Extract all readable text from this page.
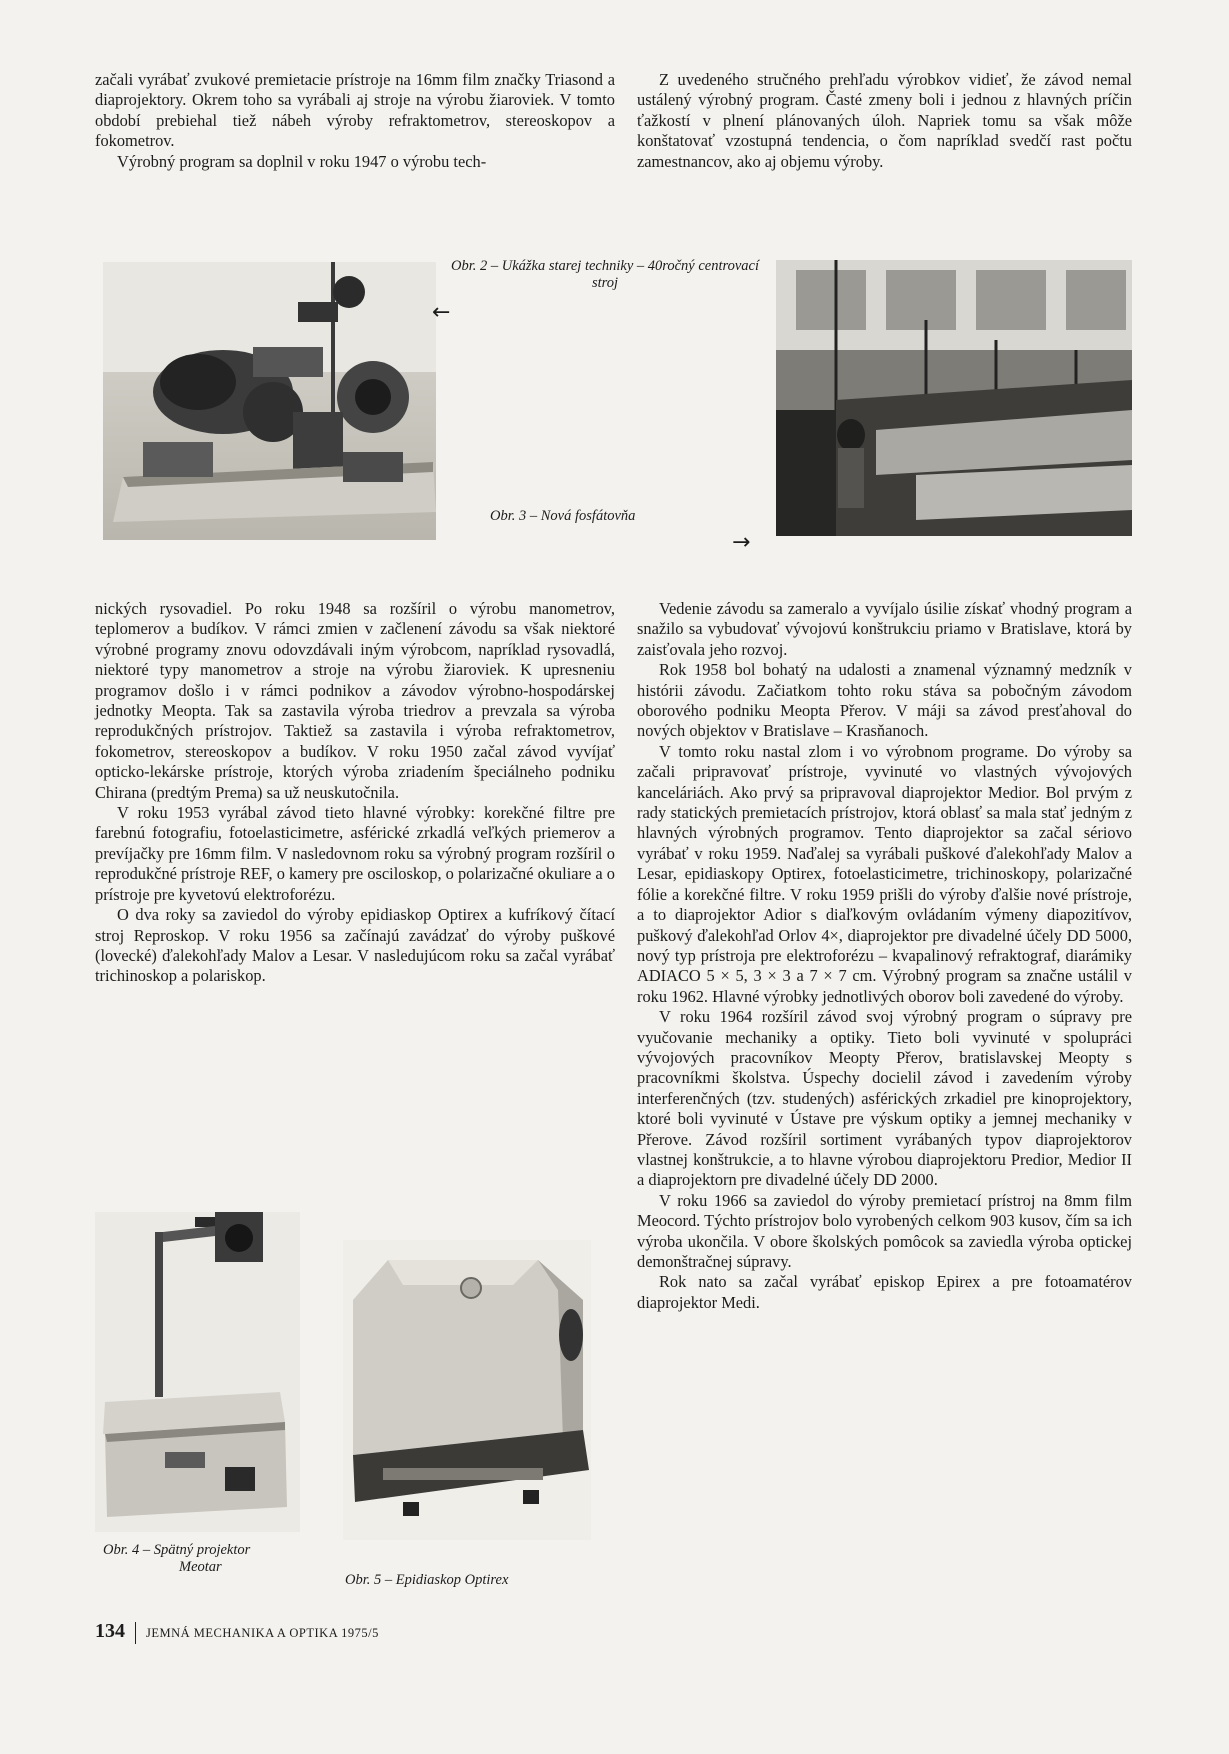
začali vyrábať zvukové premietacie prístroje na 16mm film značky Triasond a diaprojektory. Okrem toho sa vyrábali aj stroje na výrobu žiaroviek. V tomto období prebiehal tiež nábeh výroby refraktometrov, stereoskopov a fokometrov.

Výrobný program sa doplnil v roku 1947 o výrobu tech-

Z uvedeného stručného prehľadu výrobkov vidieť, že závod nemal ustálený výrobný program. Časté zmeny boli i jednou z hlavných príčin ťažkostí v plnení plánovaných úloh. Napriek tomu sa však môže konštatovať vzostupná tendencia, o čom napríklad svedčí rast počtu zamestnancov, ako aj objemu výroby.

Obr. 2 – Ukážka starej techniky – 40ročný centrovací stroj
←
Obr. 3 – Nová fosfátovňa
→

nických rysovadiel. Po roku 1948 sa rozšíril o výrobu manometrov, teplomerov a budíkov. V rámci zmien v začlenení závodu sa však niektoré výrobné programy znovu odovzdávali iným výrobcom, napríklad rysovadlá, niektoré typy manometrov a stroje na výrobu žiaroviek. K upresneniu programov došlo i v rámci podnikov a závodov výrobno-hospodárskej jednotky Meopta. Tak sa zastavila výroba triedrov a prevzala sa výroba reprodukčných prístrojov. Taktiež sa zastavila i výroba refraktometrov, fokometrov, stereoskopov a budíkov. V roku 1950 začal závod vyvíjať opticko-lekárske prístroje, ktorých výroba zriadením špeciálneho podniku Chirana (predtým Prema) sa už neuskutočnila.

V roku 1953 vyrábal závod tieto hlavné výrobky: korekčné filtre pre farebnú fotografiu, fotoelasticimetre, asférické zrkadlá veľkých priemerov a prevíjačky pre 16mm film. V nasledovnom roku sa výrobný program rozšíril o reprodukčné prístroje REF, o kamery pre osciloskop, o polarizačné okuliare a o prístroje pre kyvetovú elektroforézu.

O dva roky sa zaviedol do výroby epidiaskop Optirex a kufríkový čítací stroj Reproskop. V roku 1956 sa začínajú zavádzať do výroby puškové (lovecké) ďalekohľady Malov a Lesar. V nasledujúcom roku sa začal vyrábať trichinoskop a polariskop.

Vedenie závodu sa zameralo a vyvíjalo úsilie získať vhodný program a snažilo sa vybudovať vývojovú konštrukciu priamo v Bratislave, ktorá by zaisťovala jeho rozvoj.

Rok 1958 bol bohatý na udalosti a znamenal významný medzník v histórii závodu. Začiatkom tohto roku stáva sa pobočným závodom oborového podniku Meopta Přerov. V máji sa závod presťahoval do nových objektov v Bratislave – Krasňanoch.

V tomto roku nastal zlom i vo výrobnom programe. Do výroby sa začali pripravovať prístroje, vyvinuté vo vlastných vývojových kanceláriách. Ako prvý sa pripravoval diaprojektor Medior. Bol prvým z rady statických premietacích prístrojov, ktorá oblasť sa mala stať jedným z hlavných výrobných programov. Tento diaprojektor sa začal sériovo vyrábať v roku 1959. Naďalej sa vyrábali puškové ďalekohľady Malov a Lesar, epidiaskopy Optirex, fotoelasticimetre, trichinoskopy, polarizačné fólie a korekčné filtre. V roku 1959 prišli do výroby ďalšie nové prístroje, a to diaprojektor Adior s diaľkovým ovládaním výmeny diapozitívov, puškový ďalekohľad Orlov 4×, diaprojektor pre divadelné účely DD 5000, nový typ prístroja pre elektroforézu – kvapalinový refraktograf, diarámiky ADIACO 5 × 5, 3 × 3 a 7 × 7 cm. Výrobný program sa značne ustálil v roku 1962. Hlavné výrobky jednotlivých oborov boli zavedené do výroby.

V roku 1964 rozšíril závod svoj výrobný program o súpravy pre vyučovanie mechaniky a optiky. Tieto boli vyvinuté v spolupráci vývojových pracovníkov Meopty Přerov, bratislavskej Meopty s pracovníkmi školstva. Úspechy docielil závod i zavedením výroby interferenčných (tzv. studených) asférických zrkadiel pre kinoprojektory, ktoré boli vyvinuté v Ústave pre výskum optiky a jemnej mechaniky v Přerove. Závod rozšíril sortiment vyrábaných typov diaprojektorov vlastnej konštrukcie, a to hlavne výrobou diaprojektoru Predior, Medior II a diaprojektorn pre divadelné účely DD 2000.

V roku 1966 sa zaviedol do výroby premietací prístroj na 8mm film Meocord. Týchto prístrojov bolo vyrobených celkom 903 kusov, čím sa ich výroba ukončila. V obore školských pomôcok sa zaviedla výroba optickej demonštračnej súpravy.

Rok nato sa začal vyrábať episkop Epirex a pre fotoamatérov diaprojektor Medi.

Obr. 4 – Spätný projektor
Meotar
Obr. 5 – Epidiaskop Optirex
134 JEMNÁ MECHANIKA A OPTIKA 1975/5
